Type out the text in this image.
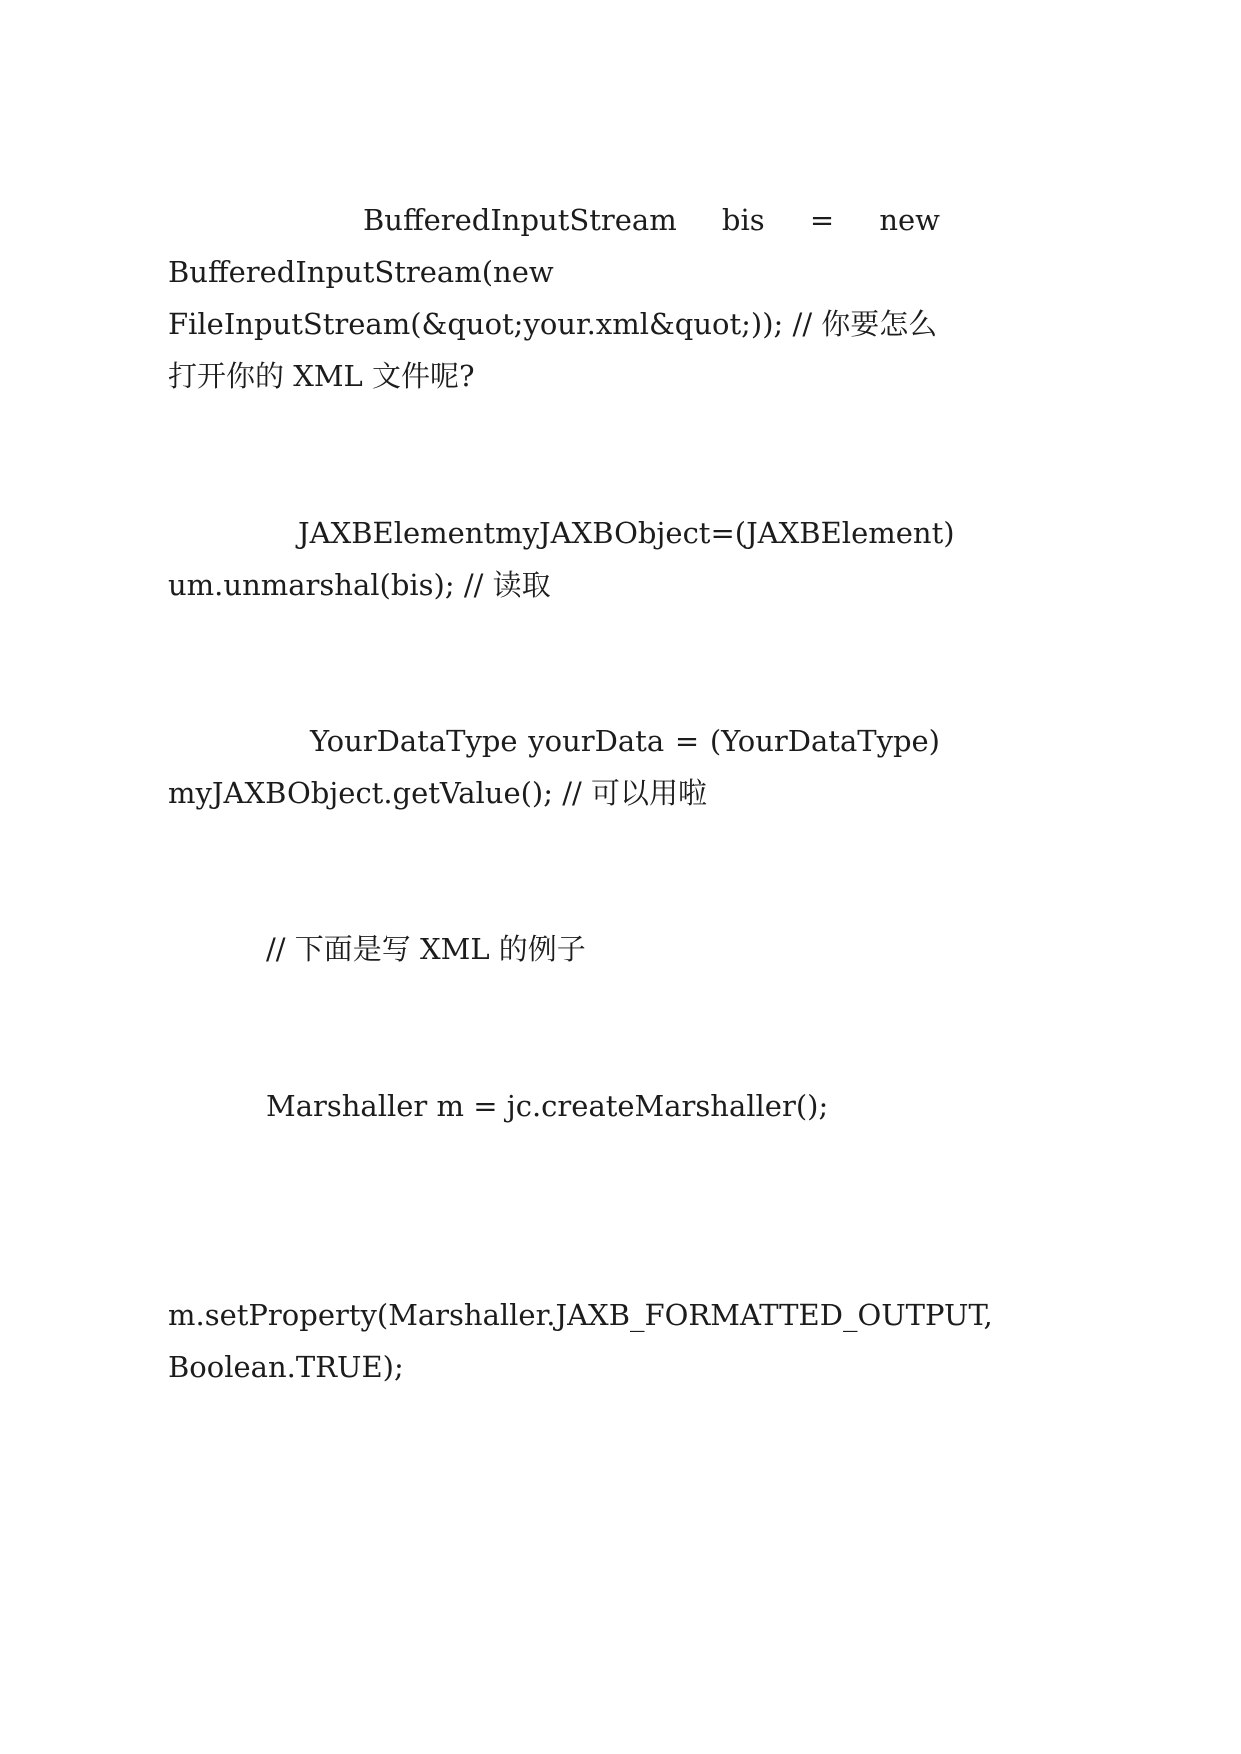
BufferedInputStream bis = new
BufferedInputStream(new
FileInputStream(&quot;your.xml&quot;)); // 你要怎么
打开你的 XML 文件呢?
JAXBElement myJAXBObject = (JAXBElement)
um.unmarshal(bis); // 读取
YourDataType yourData = (YourDataType)
myJAXBObject.getValue(); // 可以用啦
// 下面是写 XML 的例子
Marshaller m = jc.createMarshaller();
m.setProperty(Marshaller.JAXB_FORMATTED_OUTPUT,
Boolean.TRUE);
